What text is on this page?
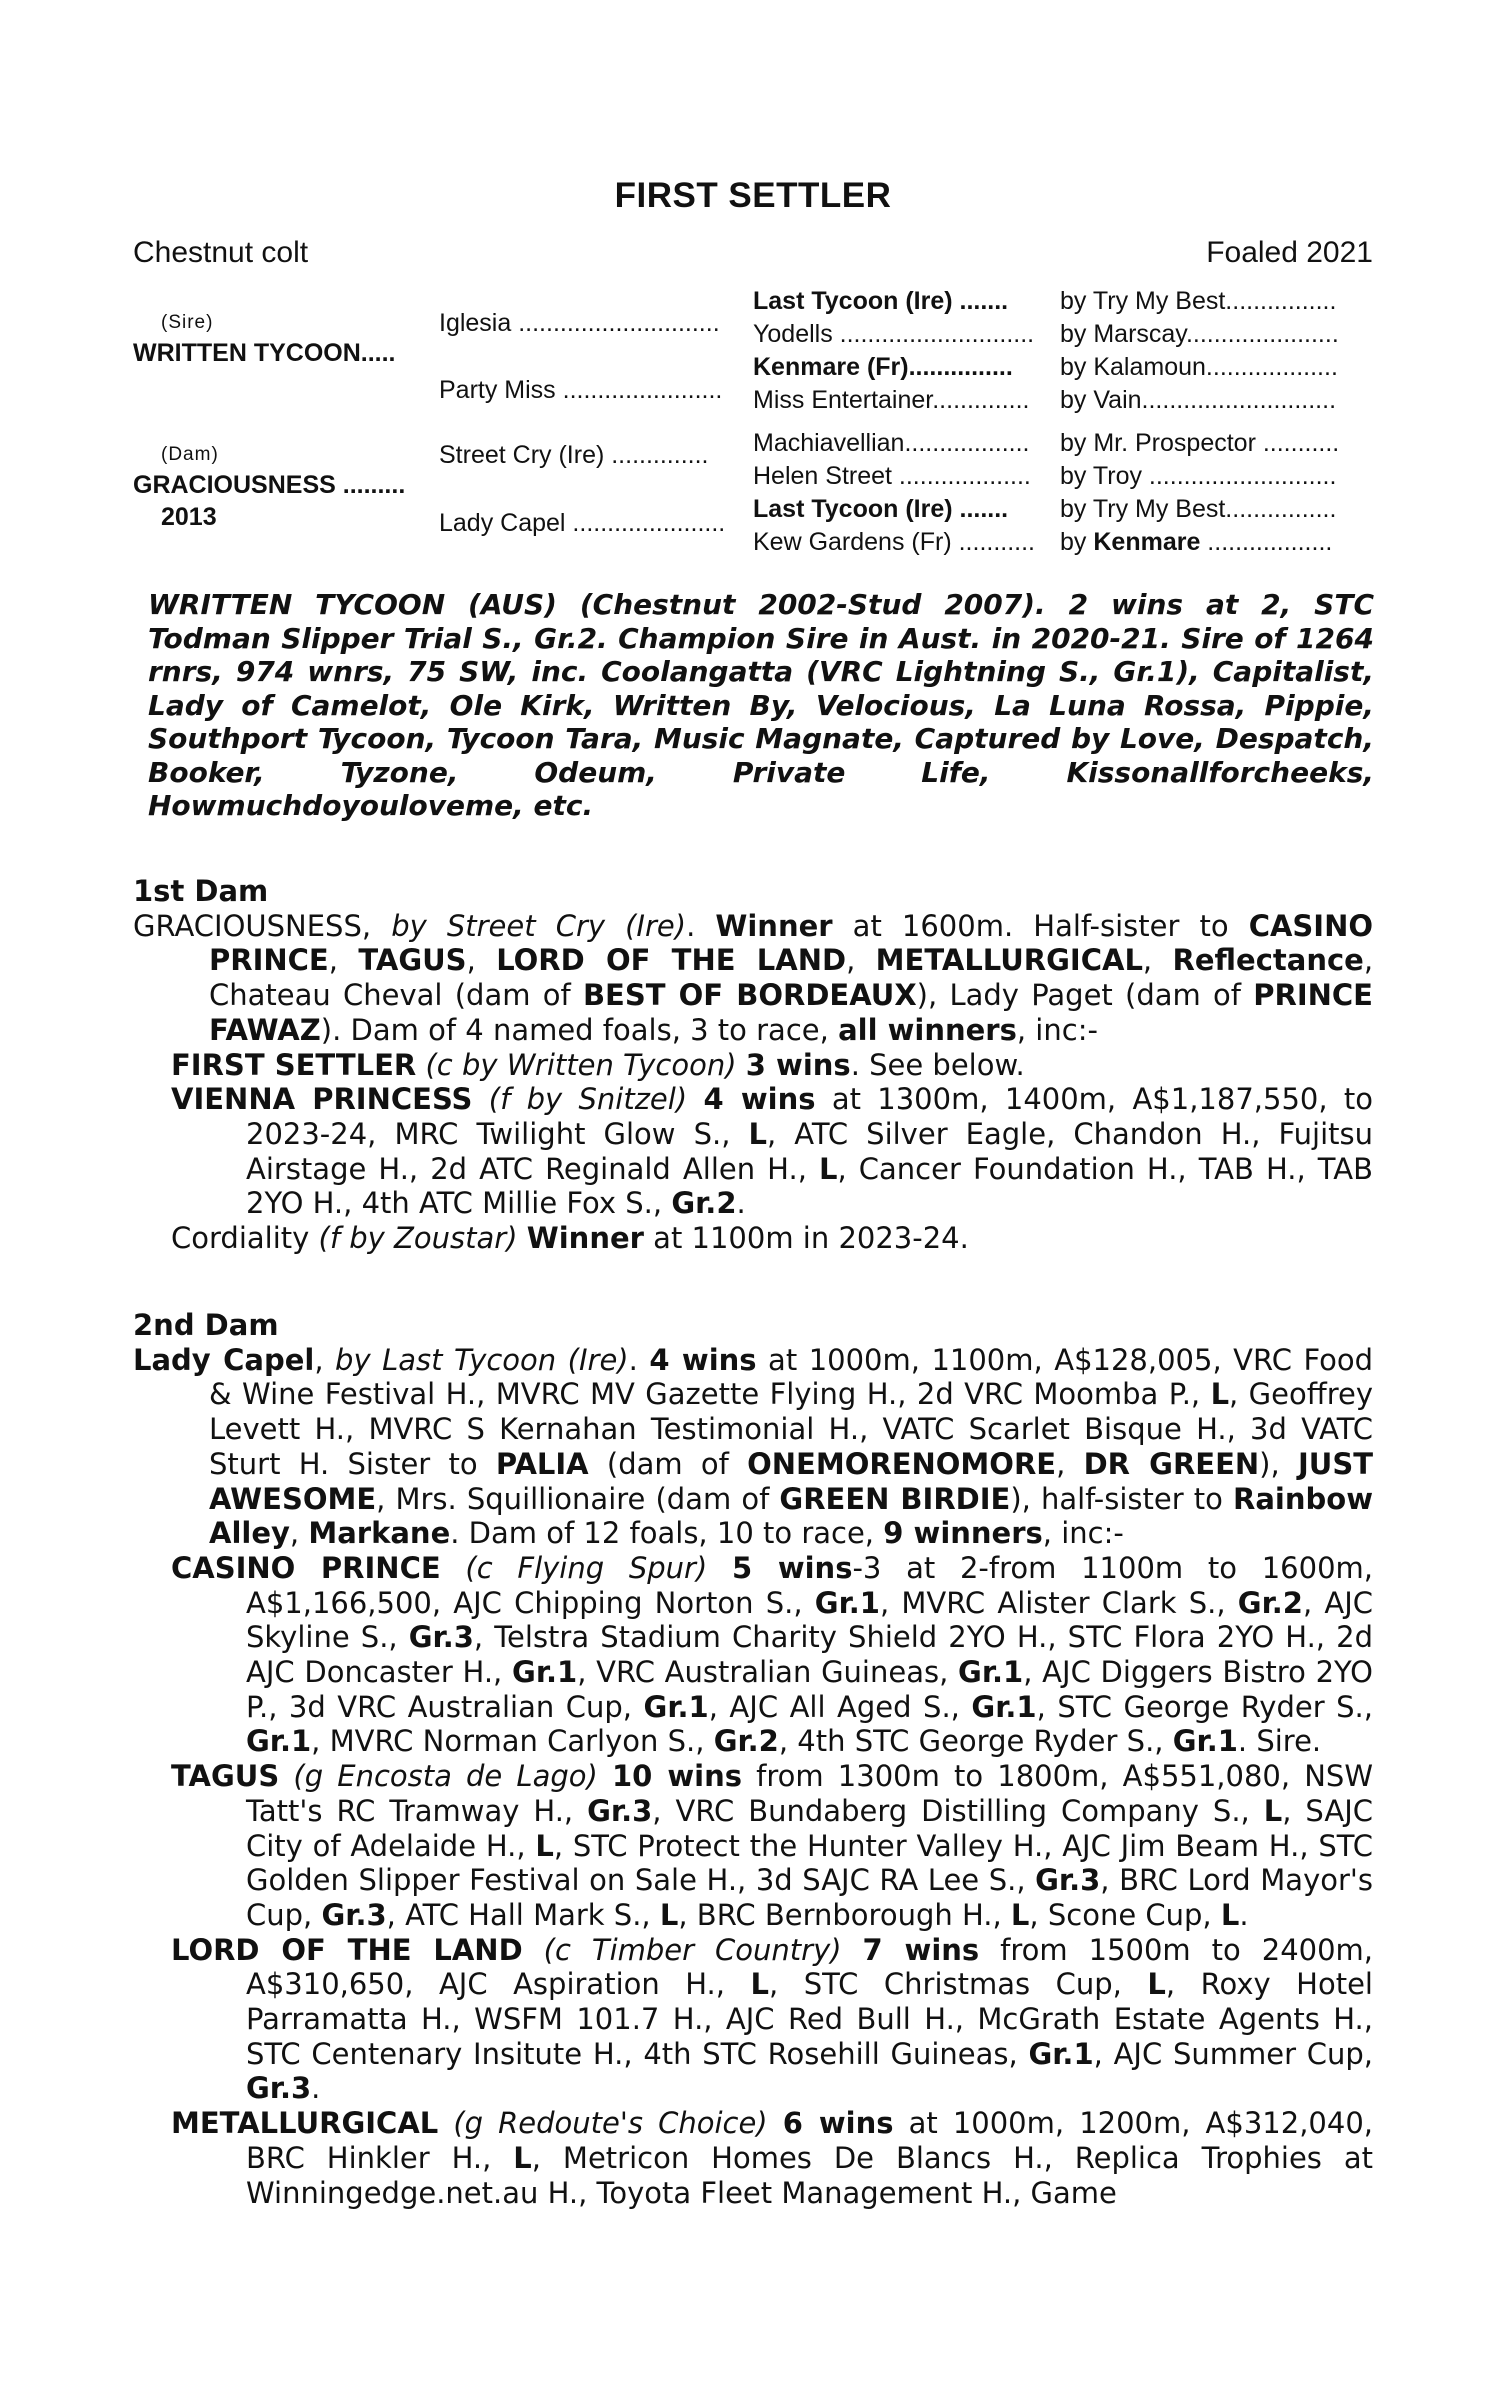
FIRST SETTLER
Chestnut colt	Foaled 2021
(Sire)
WRITTEN TYCOON.....
(Dam)
GRACIOUSNESS .........
2013
Iglesia .............................
Party Miss .......................
Street Cry (Ire) ..............
Lady Capel ......................
Last Tycoon (Ire) .......
Yodells ............................
Kenmare (Fr)...............
Miss Entertainer..............
Machiavellian..................
Helen Street ...................
Last Tycoon (Ire) .......
Kew Gardens (Fr) ...........
by Try My Best................
by Marscay......................
by Kalamoun...................
by Vain............................
by Mr. Prospector ...........
by Troy ...........................
by Try My Best................
by Kenmare ..................
WRITTEN TYCOON (AUS) (Chestnut 2002-Stud 2007). 2 wins at 2, STC Todman Slipper Trial S., Gr.2. Champion Sire in Aust. in 2020-21. Sire of 1264 rnrs, 974 wnrs, 75 SW, inc. Coolangatta (VRC Lightning S., Gr.1), Capitalist, Lady of Camelot, Ole Kirk, Written By, Velocious, La Luna Rossa, Pippie, Southport Tycoon, Tycoon Tara, Music Magnate, Captured by Love, Despatch, Booker, Tyzone, Odeum, Private Life, Kissonallforcheeks, Howmuchdoyouloveme, etc.
1st Dam
GRACIOUSNESS, by Street Cry (Ire). Winner at 1600m. Half-sister to CASINO PRINCE, TAGUS, LORD OF THE LAND, METALLURGICAL, Reflectance, Chateau Cheval (dam of BEST OF BORDEAUX), Lady Paget (dam of PRINCE FAWAZ). Dam of 4 named foals, 3 to race, all winners, inc:-
FIRST SETTLER (c by Written Tycoon) 3 wins. See below.
VIENNA PRINCESS (f by Snitzel) 4 wins at 1300m, 1400m, A$1,187,550, to 2023-24, MRC Twilight Glow S., L, ATC Silver Eagle, Chandon H., Fujitsu Airstage H., 2d ATC Reginald Allen H., L, Cancer Foundation H., TAB H., TAB 2YO H., 4th ATC Millie Fox S., Gr.2.
Cordiality (f by Zoustar) Winner at 1100m in 2023-24.
2nd Dam
Lady Capel, by Last Tycoon (Ire). 4 wins at 1000m, 1100m, A$128,005, VRC Food & Wine Festival H., MVRC MV Gazette Flying H., 2d VRC Moomba P., L, Geoffrey Levett H., MVRC S Kernahan Testimonial H., VATC Scarlet Bisque H., 3d VATC Sturt H. Sister to PALIA (dam of ONEMORENOMORE, DR GREEN), JUST AWESOME, Mrs. Squillionaire (dam of GREEN BIRDIE), half-sister to Rainbow Alley, Markane. Dam of 12 foals, 10 to race, 9 winners, inc:-
CASINO PRINCE (c Flying Spur) 5 wins-3 at 2-from 1100m to 1600m, A$1,166,500, AJC Chipping Norton S., Gr.1, MVRC Alister Clark S., Gr.2, AJC Skyline S., Gr.3, Telstra Stadium Charity Shield 2YO H., STC Flora 2YO H., 2d AJC Doncaster H., Gr.1, VRC Australian Guineas, Gr.1, AJC Diggers Bistro 2YO P., 3d VRC Australian Cup, Gr.1, AJC All Aged S., Gr.1, STC George Ryder S., Gr.1, MVRC Norman Carlyon S., Gr.2, 4th STC George Ryder S., Gr.1. Sire.
TAGUS (g Encosta de Lago) 10 wins from 1300m to 1800m, A$551,080, NSW Tatt's RC Tramway H., Gr.3, VRC Bundaberg Distilling Company S., L, SAJC City of Adelaide H., L, STC Protect the Hunter Valley H., AJC Jim Beam H., STC Golden Slipper Festival on Sale H., 3d SAJC RA Lee S., Gr.3, BRC Lord Mayor's Cup, Gr.3, ATC Hall Mark S., L, BRC Bernborough H., L, Scone Cup, L.
LORD OF THE LAND (c Timber Country) 7 wins from 1500m to 2400m, A$310,650, AJC Aspiration H., L, STC Christmas Cup, L, Roxy Hotel Parramatta H., WSFM 101.7 H., AJC Red Bull H., McGrath Estate Agents H., STC Centenary Insitute H., 4th STC Rosehill Guineas, Gr.1, AJC Summer Cup, Gr.3.
METALLURGICAL (g Redoute's Choice) 6 wins at 1000m, 1200m, A$312,040, BRC Hinkler H., L, Metricon Homes De Blancs H., Replica Trophies at Winningedge.net.au H., Toyota Fleet Management H., Game
